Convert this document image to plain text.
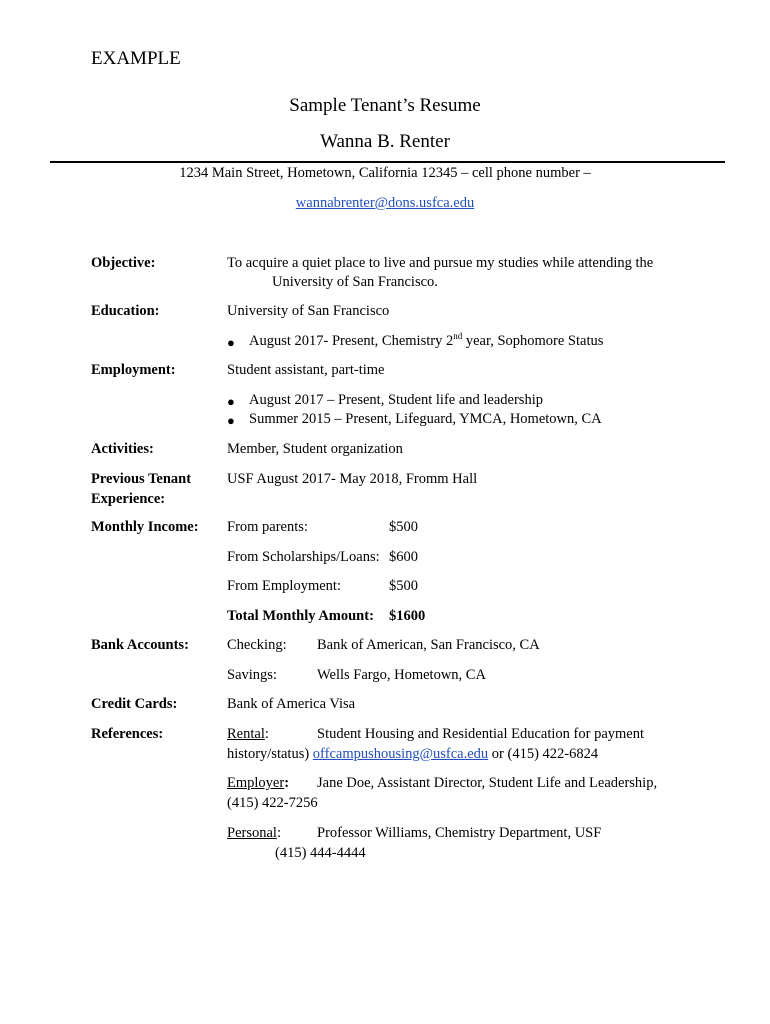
EXAMPLE
Sample Tenant’s Resume
Wanna B. Renter
1234 Main Street, Hometown, California 12345 – cell phone number –
wannabrenter@dons.usfca.edu
Objective:	To acquire a quiet place to live and pursue my studies while attending the
University of San Francisco.
Education:	University of San Francisco
● August 2017- Present, Chemistry 2nd year, Sophomore Status
Employment:	Student assistant, part-time
● August 2017 – Present, Student life and leadership
● Summer 2015 – Present, Lifeguard, YMCA, Hometown, CA
Activities:	Member, Student organization
Previous Tenant
Experience:
USF August 2017- May 2018, Fromm Hall
Monthly Income: From parents:	$500
From Scholarships/Loans: $600
From Employment:	$500
Total Monthly Amount: $1600
Bank Accounts:	Checking: Bank of American, San Francisco, CA
Savings:	Wells Fargo, Hometown, CA
Credit Cards:	Bank of America Visa
References:	Rental:	Student Housing and Residential Education for payment
history/status) offcampushousing@usfca.edu or (415) 422-6824
Employer: Jane Doe, Assistant Director, Student Life and Leadership,
(415) 422-7256
Personal: Professor Williams, Chemistry Department, USF
(415) 444-4444
